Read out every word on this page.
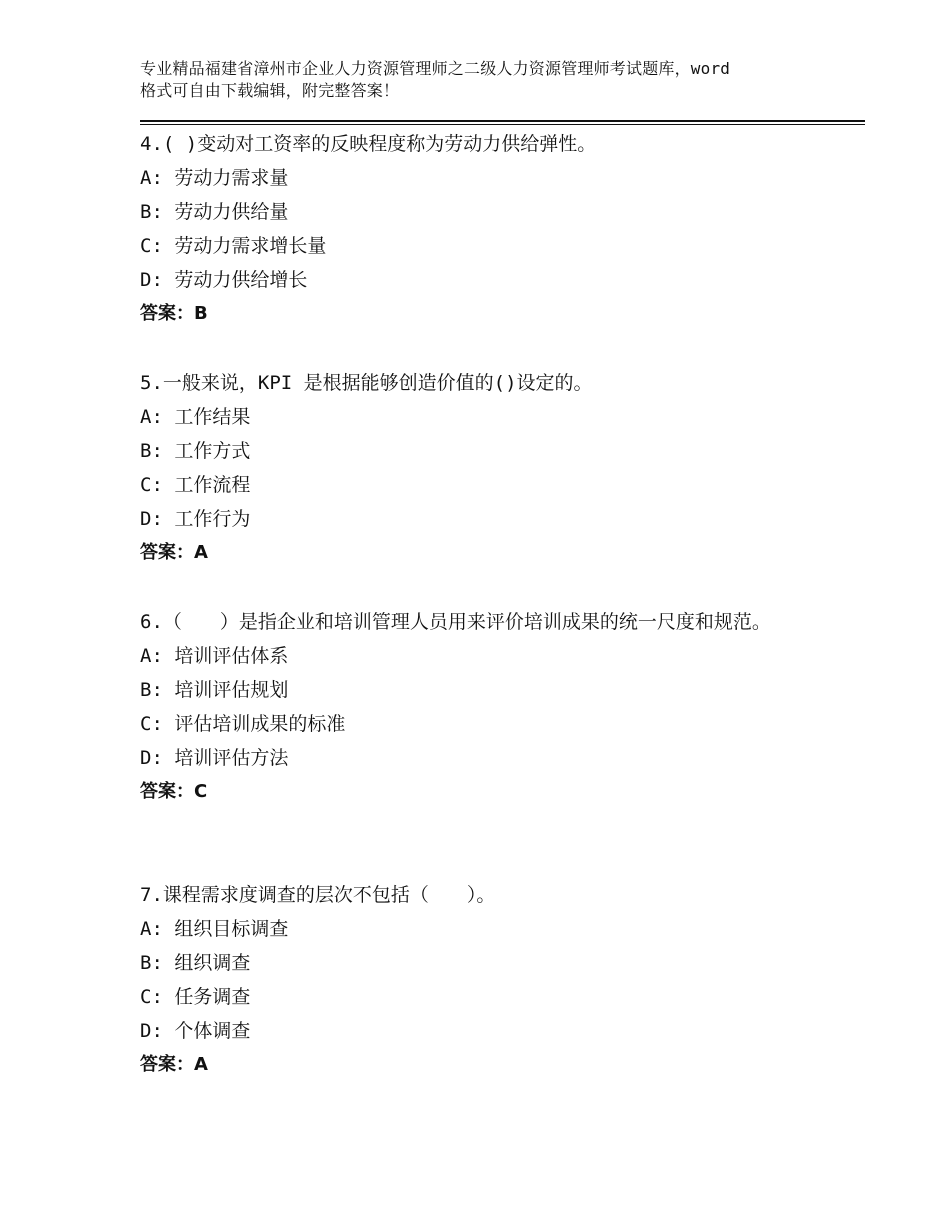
专业精品福建省漳州市企业人力资源管理师之二级人力资源管理师考试题库，word
格式可自由下载编辑，附完整答案！
4.( )变动对工资率的反映程度称为劳动力供给弹性。
A: 劳动力需求量
B: 劳动力供给量
C: 劳动力需求增长量
D: 劳动力供给增长
答案：B
5.一般来说，KPI 是根据能够创造价值的()设定的。
A: 工作结果
B: 工作方式
C: 工作流程
D: 工作行为
答案：A
6.（　　）是指企业和培训管理人员用来评价培训成果的统一尺度和规范。
A: 培训评估体系
B: 培训评估规划
C: 评估培训成果的标准
D: 培训评估方法
答案：C
7.课程需求度调查的层次不包括（　　）。
A: 组织目标调查
B: 组织调查
C: 任务调查
D: 个体调查
答案：A
